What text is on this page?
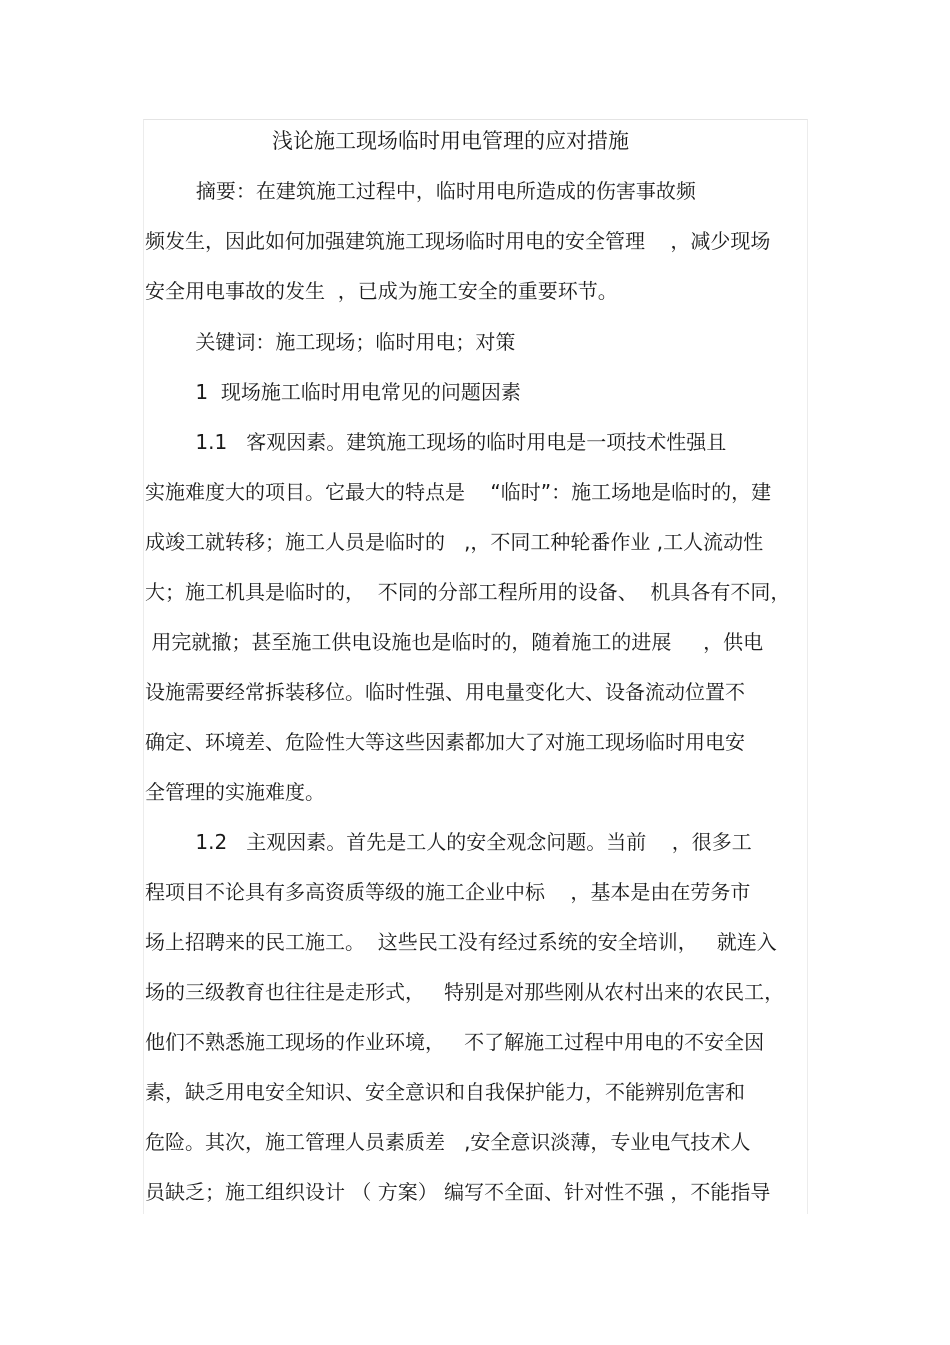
浅论施工现场临时用电管理的应对措施

摘要：在建筑施工过程中，临时用电所造成的伤害事故频

频发生，因此如何加强建筑施工现场临时用电的安全管理    ，减少现场

安全用电事故的发生  ，已成为施工安全的重要环节。

关键词：施工现场；临时用电；对策

1  现场施工临时用电常见的问题因素

1.1   客观因素。建筑施工现场的临时用电是一项技术性强且

实施难度大的项目。它最大的特点是    “临时”：施工场地是临时的，建

成竣工就转移；施工人员是临时的   ,，不同工种轮番作业 ,工人流动性

大；施工机具是临时的，  不同的分部工程所用的设备、  机具各有不同，

用完就撤；甚至施工供电设施也是临时的，随着施工的进展     ，供电

设施需要经常拆装移位。临时性强、用电量变化大、设备流动位置不

确定、环境差、危险性大等这些因素都加大了对施工现场临时用电安

全管理的实施难度。

1.2   主观因素。首先是工人的安全观念问题。当前    ，很多工

程项目不论具有多高资质等级的施工企业中标    ，基本是由在劳务市

场上招聘来的民工施工。  这些民工没有经过系统的安全培训，   就连入

场的三级教育也往往是走形式，   特别是对那些刚从农村出来的农民工，

他们不熟悉施工现场的作业环境，   不了解施工过程中用电的不安全因

素，缺乏用电安全知识、安全意识和自我保护能力，不能辨别危害和

危险。其次，施工管理人员素质差   ,安全意识淡薄，专业电气技术人

员缺乏；施工组织设计 （ 方案） 编写不全面、针对性不强 ，不能指导
